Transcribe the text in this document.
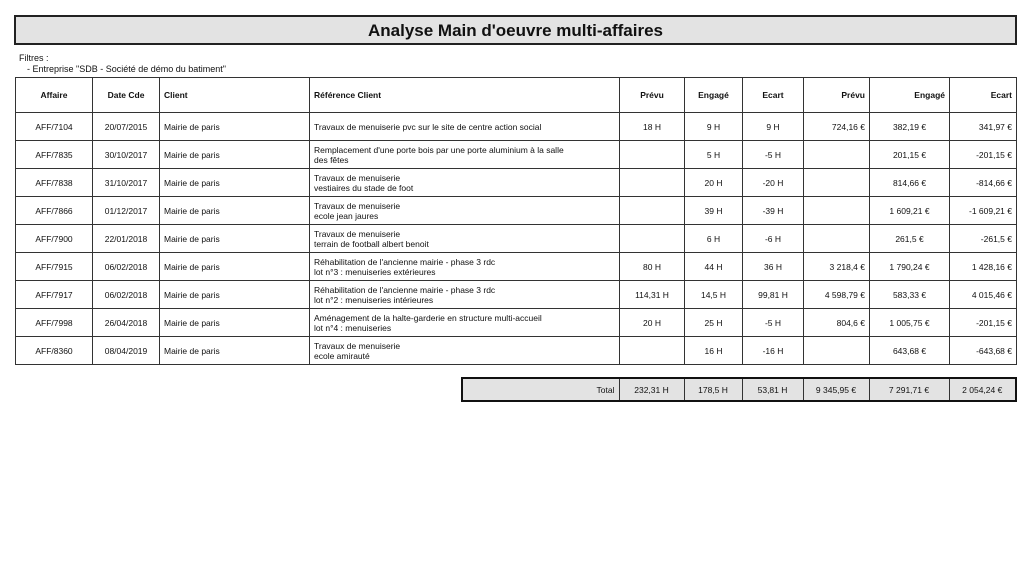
Analyse Main d'oeuvre multi-affaires
Filtres :
- Entreprise "SDB - Société de démo du batiment"
Affaire	Date Cde	Client	Référence Client	Prévu	Engagé	Ecart	Prévu	Engagé	Ecart
AFF/7104	20/07/2015	Mairie de paris	Travaux de menuiserie pvc sur le site de centre action social	18 H	9 H	9 H	724,16 €	382,19 €	341,97 €
AFF/7835	30/10/2017	Mairie de paris	Remplacement d'une porte bois par une porte aluminium à la salle
des fêtes		5 H	-5 H		201,15 €	-201,15 €
AFF/7838	31/10/2017	Mairie de paris	Travaux de menuiserie
vestiaires du stade de foot		20 H	-20 H		814,66 €	-814,66 €
AFF/7866	01/12/2017	Mairie de paris	Travaux de menuiserie
ecole jean jaures		39 H	-39 H		1 609,21 €	-1 609,21 €
AFF/7900	22/01/2018	Mairie de paris	Travaux de menuiserie
terrain de football albert benoit		6 H	-6 H		261,5 €	-261,5 €
AFF/7915	06/02/2018	Mairie de paris	Réhabilitation de l'ancienne mairie - phase 3 rdc
lot n°3 : menuiseries extérieures	80 H	44 H	36 H	3 218,4 €	1 790,24 €	1 428,16 €
AFF/7917	06/02/2018	Mairie de paris	Réhabilitation de l'ancienne mairie - phase 3 rdc
lot n°2 : menuiseries intérieures	114,31 H	14,5 H	99,81 H	4 598,79 €	583,33 €	4 015,46 €
AFF/7998	26/04/2018	Mairie de paris	Aménagement de la halte-garderie en structure multi-accueil
lot n°4 : menuiseries	20 H	25 H	-5 H	804,6 €	1 005,75 €	-201,15 €
AFF/8360	08/04/2019	Mairie de paris	Travaux de menuiserie
ecole amirauté		16 H	-16 H		643,68 €	-643,68 €
Total	232,31 H	178,5 H	53,81 H	9 345,95 €	7 291,71 €	2 054,24 €
